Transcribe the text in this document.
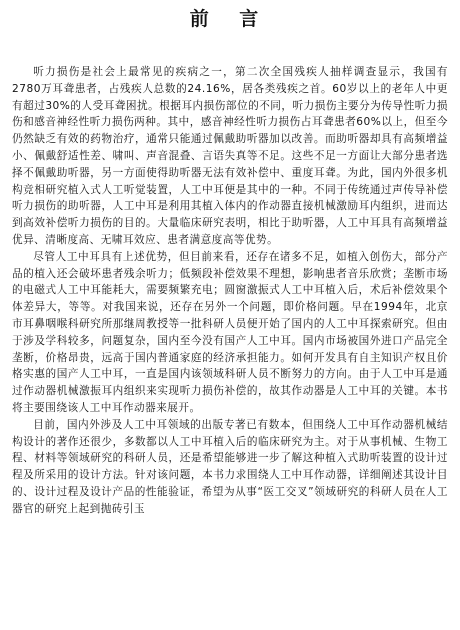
前 言

听力损伤是社会上最常见的疾病之一，第二次全国残疾人抽样调查显示，我国有2780万耳聋患者，占残疾人总数的24.16%，居各类残疾之首。60岁以上的老年人中更有超过30%的人受耳聋困扰。根据耳内损伤部位的不同，听力损伤主要分为传导性听力损伤和感音神经性听力损伤两种。其中，感音神经性听力损伤占耳聋患者60%以上，但至今仍然缺乏有效的药物治疗，通常只能通过佩戴助听器加以改善。而助听器却具有高频增益小、佩戴舒适性差、啸叫、声音混叠、言语失真等不足。这些不足一方面让大部分患者选择不佩戴助听器，另一方面使得助听器无法有效补偿中、重度耳聋。为此，国内外很多机构竞相研究植入式人工听觉装置，人工中耳便是其中的一种。不同于传统通过声传导补偿听力损伤的助听器，人工中耳是利用其植入体内的作动器直接机械激励耳内组织，进而达到高效补偿听力损伤的目的。大量临床研究表明，相比于助听器，人工中耳具有高频增益优异、清晰度高、无啸耳效应、患者满意度高等优势。

尽管人工中耳具有上述优势，但目前来看，还存在诸多不足，如植入创伤大，部分产品的植入还会破坏患者残余听力；低频段补偿效果不理想，影响患者音乐欣赏；垄断市场的电磁式人工中耳能耗大，需要频繁充电；圆窗激振式人工中耳植入后，术后补偿效果个体差异大，等等。对我国来说，还存在另外一个问题，即价格问题。早在1994年，北京市耳鼻咽喉科研究所那继周教授等一批科研人员便开始了国内的人工中耳探索研究。但由于涉及学科较多，问题复杂，国内至今没有国产人工中耳。国内市场被国外进口产品完全垄断，价格昂贵，远高于国内普通家庭的经济承担能力。如何开发具有自主知识产权且价格实惠的国产人工中耳，一直是国内该领域科研人员不断努力的方向。由于人工中耳是通过作动器机械激振耳内组织来实现听力损伤补偿的，故其作动器是人工中耳的关键。本书将主要围绕该人工中耳作动器来展开。

目前，国内外涉及人工中耳领域的出版专著已有数本，但围绕人工中耳作动器机械结构设计的著作还很少，多数都以人工中耳植入后的临床研究为主。对于从事机械、生物工程、材料等领域研究的科研人员，还是希望能够进一步了解这种植入式助听装置的设计过程及所采用的设计方法。针对该问题，本书力求围绕人工中耳作动器，详细阐述其设计目的、设计过程及设计产品的性能验证，希望为从事“医工交叉”领域研究的科研人员在人工器官的研究上起到抛砖引玉
